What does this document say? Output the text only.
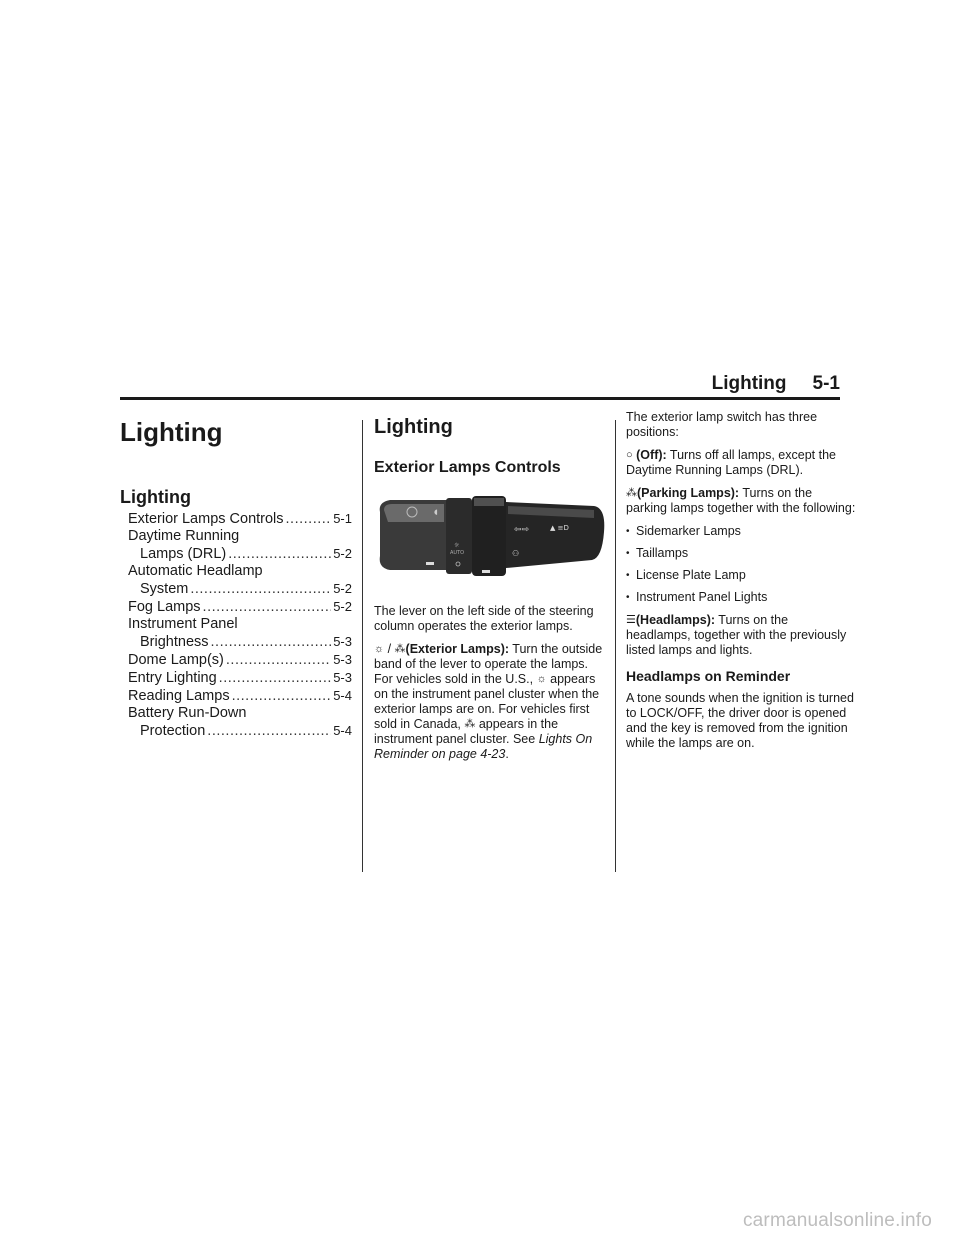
Lighting 5-1
Lighting
Lighting
Exterior Lamps Controls .....	5-1
Daytime Running
Lamps (DRL) .....	5-2
Automatic Headlamp
System .....	5-2
Fog Lamps .....	5-2
Instrument Panel
Brightness .....	5-3
Dome Lamp(s) .....	5-3
Entry Lighting .....	5-3
Reading Lamps .....	5-4
Battery Run-Down
Protection .....	5-4
Lighting
Exterior Lamps Controls
◖
☼
AUTO
⇦⇨	▲ ≡D
⚇

The lever on the left side of the steering column operates the exterior lamps.

☼ / ⁂(Exterior Lamps): Turn the outside band of the lever to operate the lamps. For vehicles sold in the U.S., ☼ appears on the instrument panel cluster when the exterior lamps are on. For vehicles first sold in Canada, ⁂ appears in the instrument panel cluster. See Lights On Reminder on page 4-23.

The exterior lamp switch has three positions:

○ (Off): Turns off all lamps, except the Daytime Running Lamps (DRL).

⁂(Parking Lamps): Turns on the parking lamps together with the following:

• Sidemarker Lamps
• Taillamps
• License Plate Lamp
• Instrument Panel Lights

☰(Headlamps): Turns on the headlamps, together with the previously listed lamps and lights.

Headlamps on Reminder

A tone sounds when the ignition is turned to LOCK/OFF, the driver door is opened and the key is removed from the ignition while the lamps are on.

carmanualsonline.info
